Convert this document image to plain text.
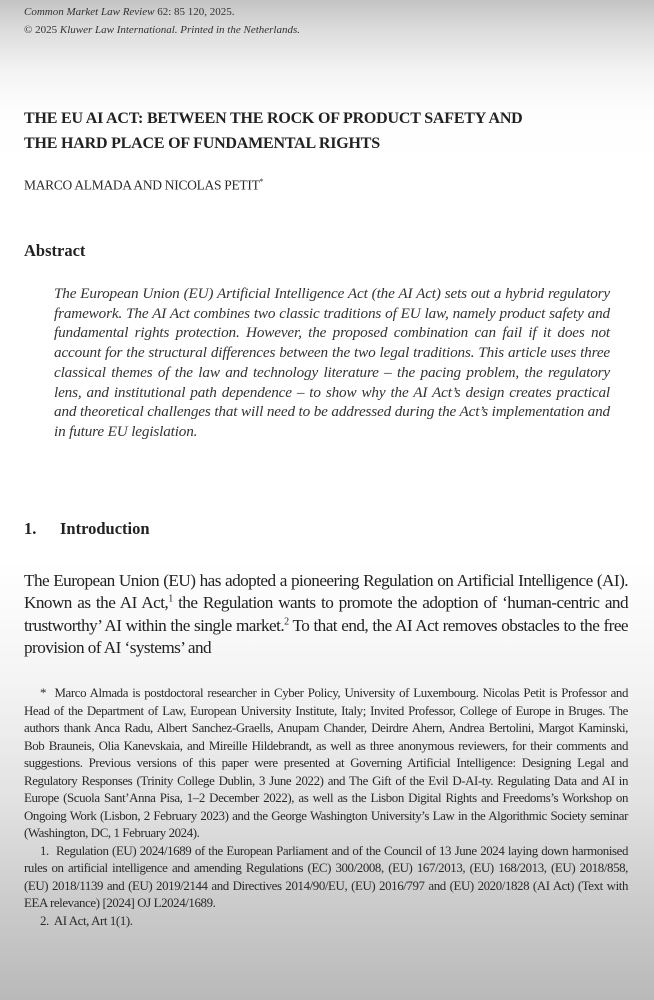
Common Market Law Review 62: 85 120, 2025.
© 2025 Kluwer Law International. Printed in the Netherlands.
THE EU AI ACT: BETWEEN THE ROCK OF PRODUCT SAFETY AND
THE HARD PLACE OF FUNDAMENTAL RIGHTS
MARCO ALMADA AND NICOLAS PETIT*
Abstract
The European Union (EU) Artificial Intelligence Act (the AI Act) sets out a hybrid regulatory framework. The AI Act combines two classic traditions of EU law, namely product safety and fundamental rights protection. However, the proposed combination can fail if it does not account for the structural differences between the two legal traditions. This article uses three classical themes of the law and technology literature – the pacing problem, the regulatory lens, and institutional path dependence – to show why the AI Act’s design creates practical and theoretical challenges that will need to be addressed during the Act’s implementation and in future EU legislation.
1. Introduction
The European Union (EU) has adopted a pioneering Regulation on Artificial Intelligence (AI). Known as the AI Act,$^1$ the Regulation wants to promote the adoption of ‘human-centric and trustworthy’ AI within the single market.$^2$ To that end, the AI Act removes obstacles to the free provision of AI ‘systems’ and

* Marco Almada is postdoctoral researcher in Cyber Policy, University of Luxembourg. Nicolas Petit is Professor and Head of the Department of Law, European University Institute, Italy; Invited Professor, College of Europe in Bruges. The authors thank Anca Radu, Albert Sanchez-Graells, Anupam Chander, Deirdre Ahern, Andrea Bertolini, Margot Kaminski, Bob Brauneis, Olia Kanevskaia, and Mireille Hildebrandt, as well as three anonymous reviewers, for their comments and suggestions. Previous versions of this paper were presented at Governing Artificial Intelligence: Designing Legal and Regulatory Responses (Trinity College Dublin, 3 June 2022) and The Gift of the Evil D-AI-ty. Regulating Data and AI in Europe (Scuola Sant’Anna Pisa, 1–2 December 2022), as well as the Lisbon Digital Rights and Freedoms’s Workshop on Ongoing Work (Lisbon, 2 February 2023) and the George Washington University’s Law in the Algorithmic Society seminar (Washington, DC, 1 February 2024).

1. Regulation (EU) 2024/1689 of the European Parliament and of the Council of 13 June 2024 laying down harmonised rules on artificial intelligence and amending Regulations (EC) 300/2008, (EU) 167/2013, (EU) 168/2013, (EU) 2018/858, (EU) 2018/1139 and (EU) 2019/2144 and Directives 2014/90/EU, (EU) 2016/797 and (EU) 2020/1828 (AI Act) (Text with EEA relevance) [2024] OJ L2024/1689.

2. AI Act, Art 1(1).
